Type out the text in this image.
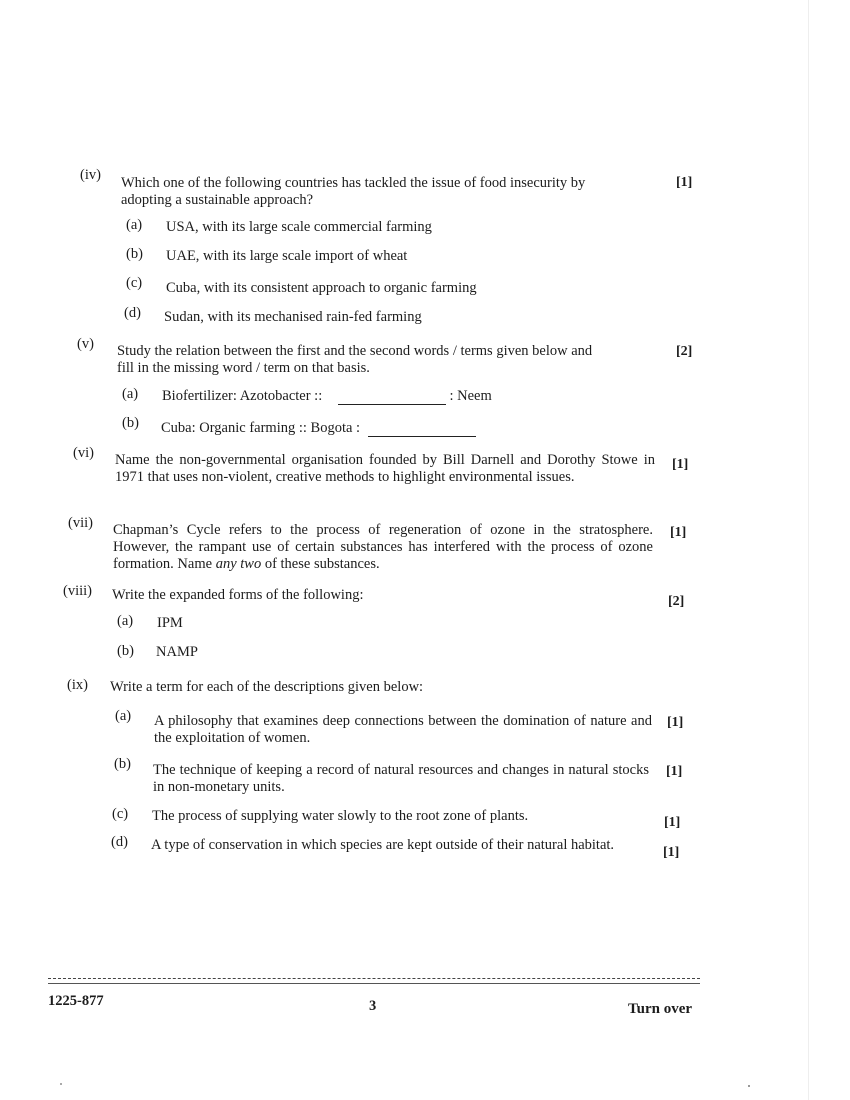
(iv) Which one of the following countries has tackled the issue of food insecurity by
adopting a sustainable approach?
[1]
(a) USA, with its large scale commercial farming
(b) UAE, with its large scale import of wheat
(c) Cuba, with its consistent approach to organic farming
(d) Sudan, with its mechanised rain-fed farming
(v) Study the relation between the first and the second words / terms given below and
fill in the missing word / term on that basis.
[2]
(a) Biofertilizer: Azotobacter ::	: Neem
(b) Cuba: Organic farming :: Bogota :
(vi) Name the non-governmental organisation founded by Bill Darnell and Dorothy Stowe in 1971 that uses non-violent, creative methods to highlight environmental issues.
[1]
(vii) Chapman’s Cycle refers to the process of regeneration of ozone in the stratosphere. However, the rampant use of certain substances has interfered with the process of ozone formation. Name any two of these substances.
[1]
(viii) Write the expanded forms of the following:	[2]
(a) IPM
(b) NAMP
(ix) Write a term for each of the descriptions given below:
(a) A philosophy that examines deep connections between the domination of nature and the exploitation of women.
[1]
(b) The technique of keeping a record of natural resources and changes in natural stocks in non-monetary units.
[1]
(c) The process of supplying water slowly to the root zone of plants.	[1]
(d) A type of conservation in which species are kept outside of their natural habitat.	[1]
1225-877	3	Turn over
